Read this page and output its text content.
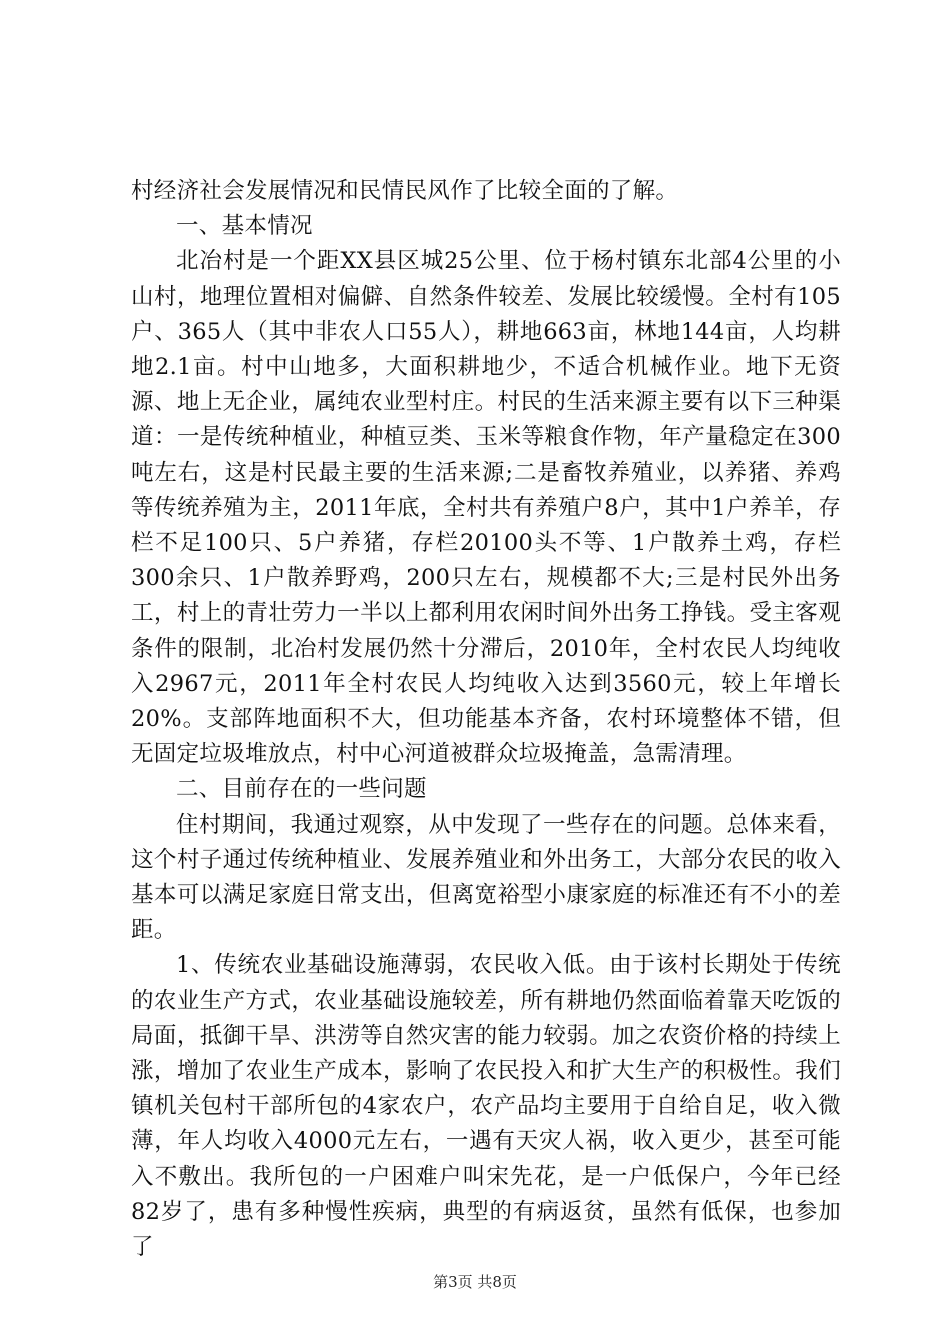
村经济社会发展情况和民情民风作了比较全面的了解。

一、基本情况

北冶村是一个距XX县区城25公里、位于杨村镇东北部4公里的小山村，地理位置相对偏僻、自然条件较差、发展比较缓慢。全村有105户、365人（其中非农人口55人），耕地663亩，林地144亩，人均耕地2.1亩。村中山地多，大面积耕地少，不适合机械作业。地下无资源、地上无企业，属纯农业型村庄。村民的生活来源主要有以下三种渠道：一是传统种植业，种植豆类、玉米等粮食作物，年产量稳定在300吨左右，这是村民最主要的生活来源;二是畜牧养殖业，以养猪、养鸡等传统养殖为主，2011年底，全村共有养殖户8户，其中1户养羊，存栏不足100只、5户养猪，存栏20100头不等、1户散养土鸡，存栏300余只、1户散养野鸡，200只左右，规模都不大;三是村民外出务工，村上的青壮劳力一半以上都利用农闲时间外出务工挣钱。受主客观条件的限制，北冶村发展仍然十分滞后，2010年，全村农民人均纯收入2967元，2011年全村农民人均纯收入达到3560元，较上年增长20%。支部阵地面积不大，但功能基本齐备，农村环境整体不错，但无固定垃圾堆放点，村中心河道被群众垃圾掩盖，急需清理。

二、目前存在的一些问题

住村期间，我通过观察，从中发现了一些存在的问题。总体来看，这个村子通过传统种植业、发展养殖业和外出务工，大部分农民的收入基本可以满足家庭日常支出，但离宽裕型小康家庭的标准还有不小的差距。

1、传统农业基础设施薄弱，农民收入低。由于该村长期处于传统的农业生产方式，农业基础设施较差，所有耕地仍然面临着靠天吃饭的局面，抵御干旱、洪涝等自然灾害的能力较弱。加之农资价格的持续上涨，增加了农业生产成本，影响了农民投入和扩大生产的积极性。我们镇机关包村干部所包的4家农户，农产品均主要用于自给自足，收入微薄，年人均收入4000元左右，一遇有天灾人祸，收入更少，甚至可能入不敷出。我所包的一户困难户叫宋先花，是一户低保户，今年已经82岁了，患有多种慢性疾病，典型的有病返贫，虽然有低保，也参加了

第3页 共8页
